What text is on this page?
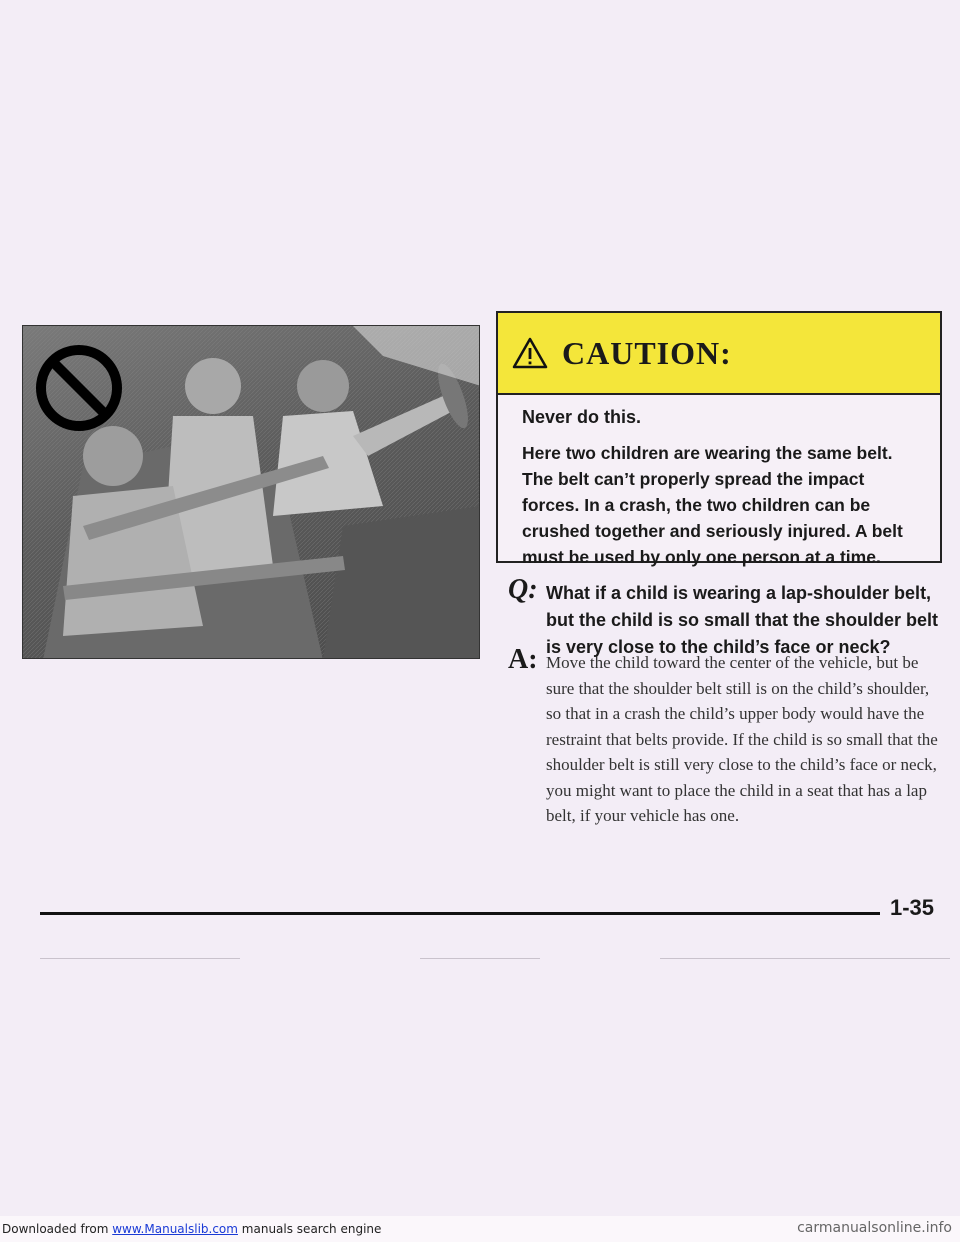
CAUTION:

Never do this.

Here two children are wearing the same belt. The belt can’t properly spread the impact forces. In a crash, the two children can be crushed together and seriously injured. A belt must be used by only one person at a time.

Q: What if a child is wearing a lap-shoulder belt, but the child is so small that the shoulder belt is very close to the child’s face or neck?

A: Move the child toward the center of the vehicle, but be sure that the shoulder belt still is on the child’s shoulder, so that in a crash the child’s upper body would have the restraint that belts provide. If the child is so small that the shoulder belt is still very close to the child’s face or neck, you might want to place the child in a seat that has a lap belt, if your vehicle has one.

1-35
Downloaded from www.Manualslib.com manuals search engine	carmanualsonline.info
